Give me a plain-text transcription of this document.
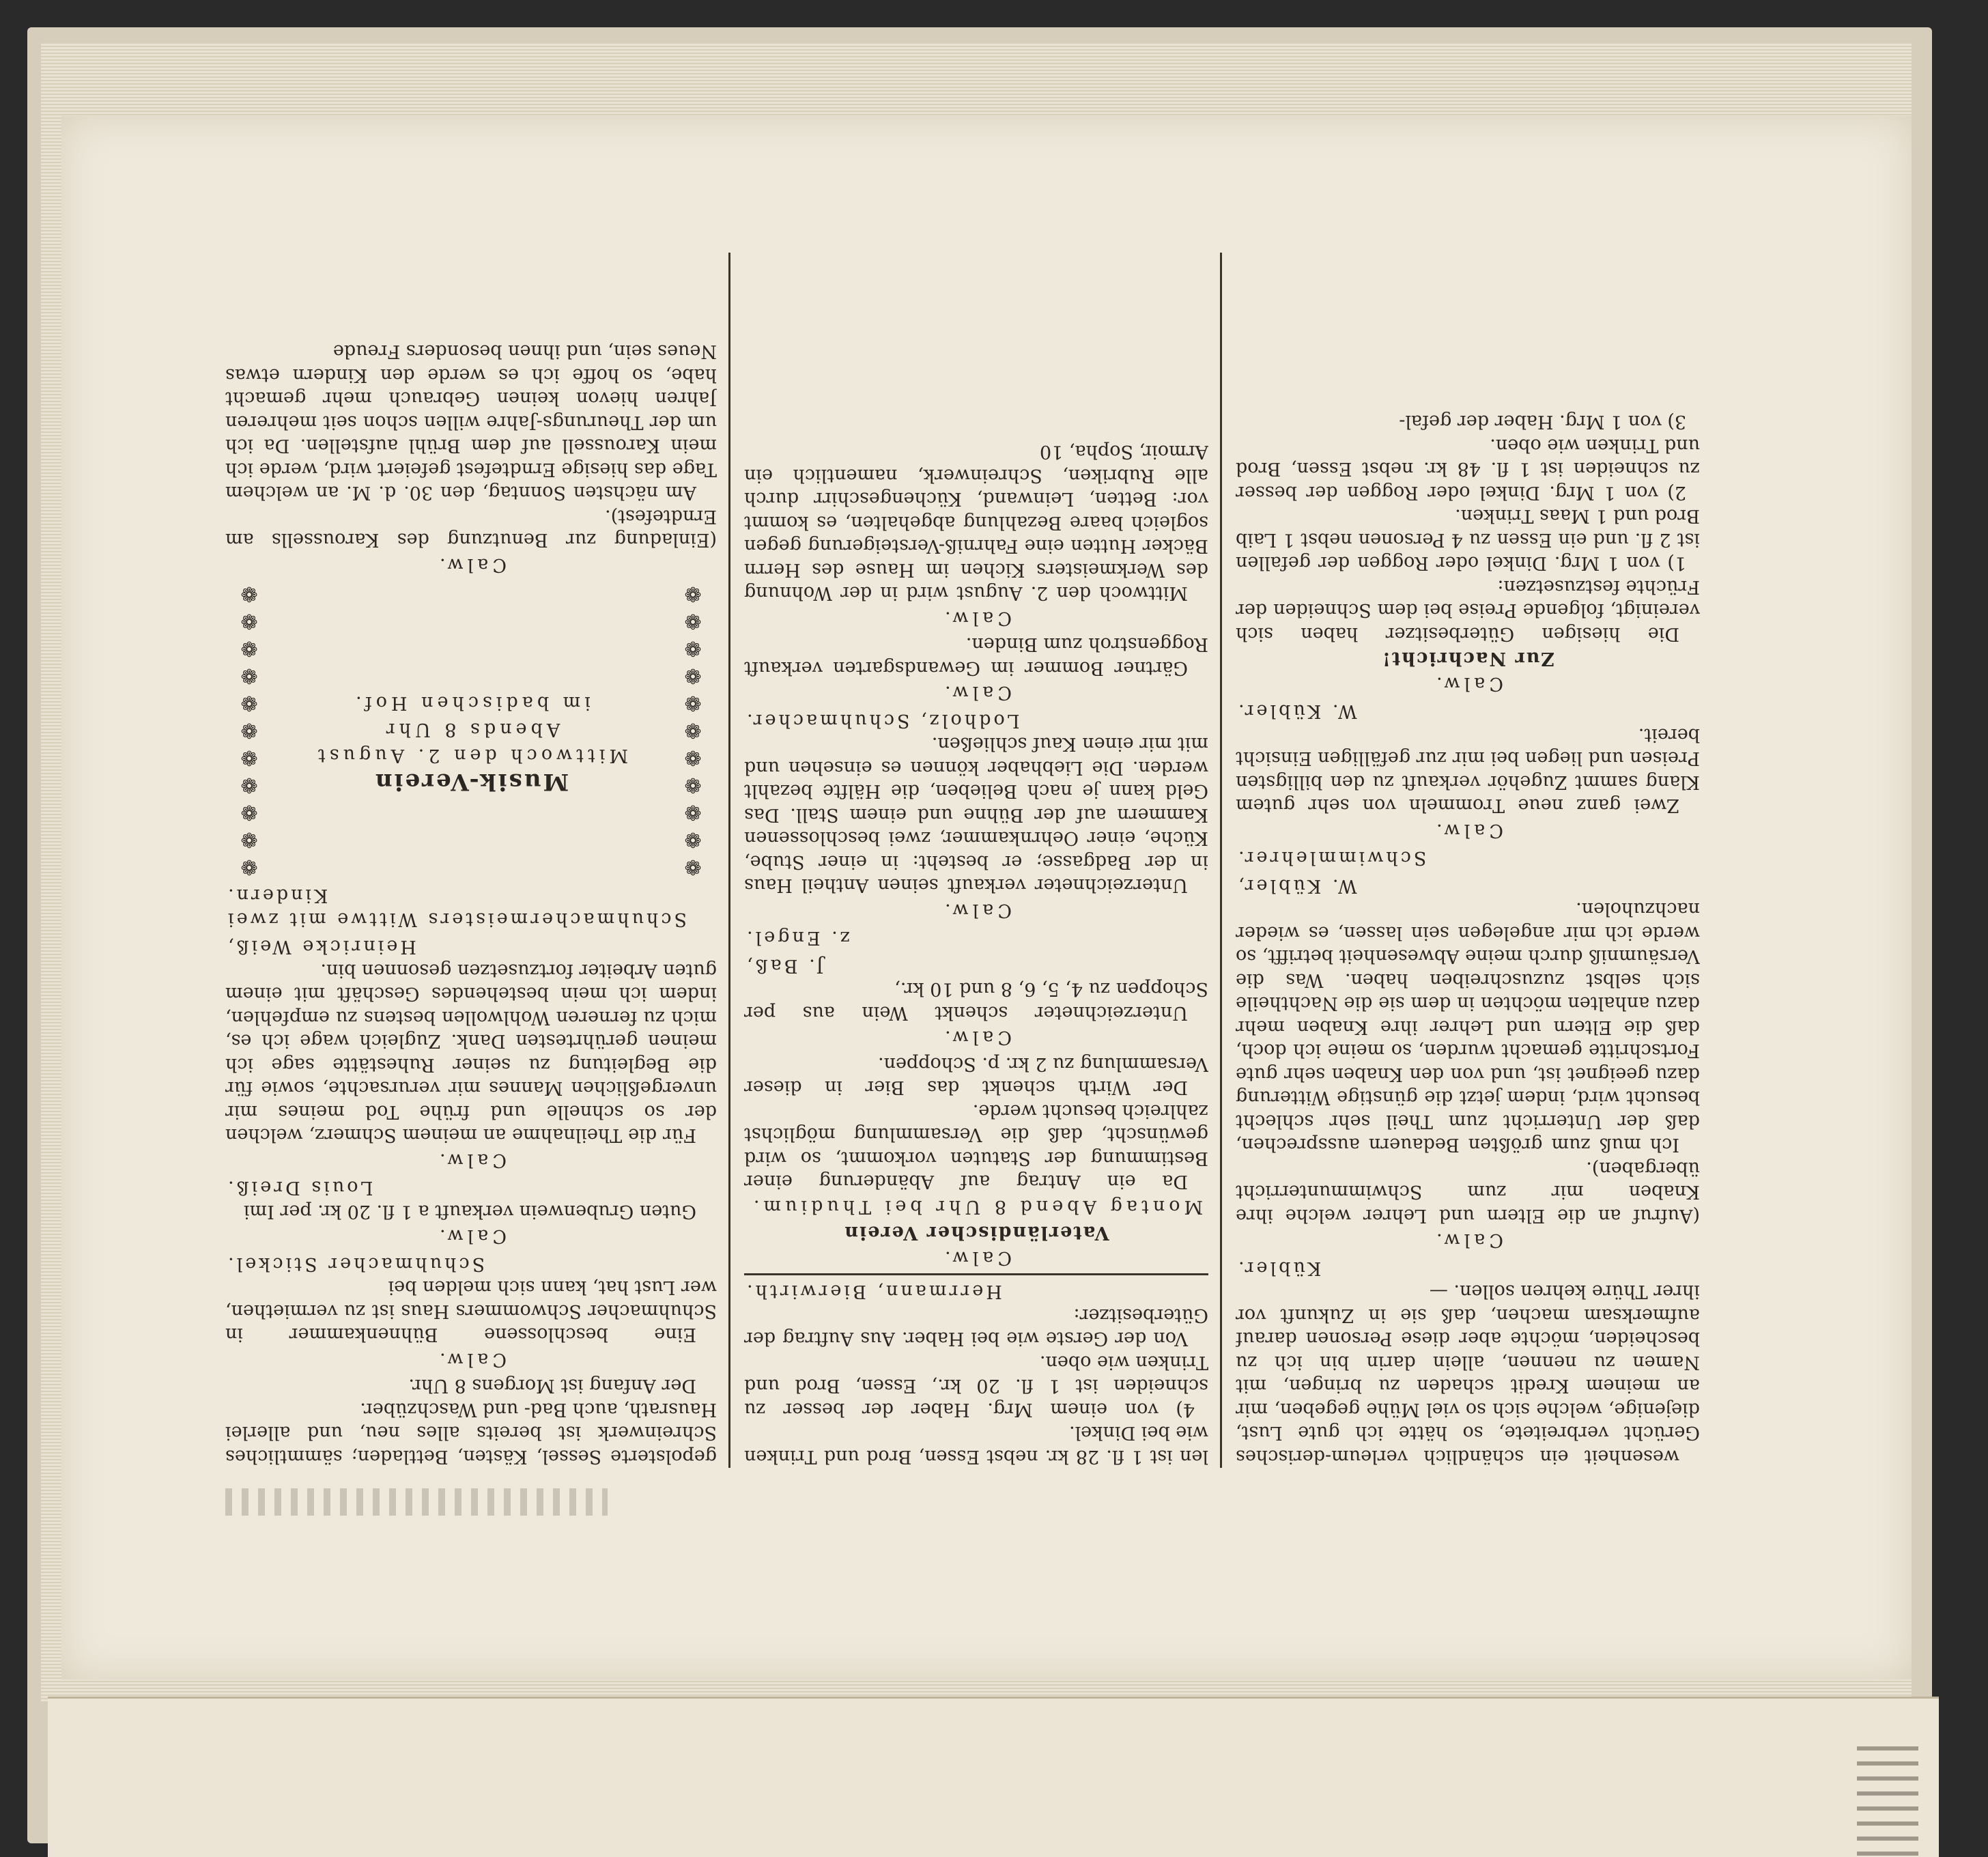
wesenheit ein schändlich verleum-derisches Gerücht verbreitete, so hätte ich gute Lust, diejenige, welche sich so viel Mühe gegeben, mir an meinem Kredit schaden zu bringen, mit Namen zu nennen, allein darin bin ich zu bescheiden, möchte aber diese Personen darauf aufmerksam machen, daß sie in Zukunft vor ihrer Thüre kehren sollen. —

Kübler.

Calw.

(Aufruf an die Eltern und Lehrer welche ihre Knaben mir zum Schwimmunterricht übergaben).

Ich muß zum größten Bedauern aussprechen, daß der Unterricht zum Theil sehr schlecht besucht wird, indem jetzt die günstige Witterung dazu geeignet ist, und von den Knaben sehr gute Fortschritte gemacht wurden, so meine ich doch, daß die Eltern und Lehrer ihre Knaben mehr dazu anhalten möchten in dem sie die Nachtheile sich selbst zuzuschreiben haben. Was die Versäumniß durch meine Abwesenheit betrifft, so werde ich mir angelegen sein lassen, es wieder nachzuholen.

W. Kübler,

Schwimmlehrer.

Calw.

Zwei ganz neue Trommeln von sehr gutem Klang sammt Zugehör verkauft zu den billigsten Preisen und liegen bei mir zur gefälligen Einsicht bereit.

W. Kübler.

Calw.

Zur Nachricht!

Die hiesigen Güterbesitzer haben sich vereinigt, folgende Preise bei dem Schneiden der Früchte festzusetzen:

1) von 1 Mrg. Dinkel oder Roggen der gefallen ist 2 fl. und ein Essen zu 4 Personen nebst 1 Laib Brod und 1 Maas Trinken.

2) von 1 Mrg. Dinkel oder Roggen der besser zu schneiden ist 1 fl. 48 kr. nebst Essen, Brod und Trinken wie oben.

3) von 1 Mrg. Haber der gefal-

len ist 1 fl. 28 kr. nebst Essen, Brod und Trinken wie bei Dinkel.

4) von einem Mrg. Haber der besser zu schneiden ist 1 fl. 20 kr., Essen, Brod und Trinken wie oben.

Von der Gerste wie bei Haber. Aus Auftrag der Güterbesitzer:

Herrmann, Bierwirth.

Calw.

Vaterländischer Verein

Montag Abend 8 Uhr bei Thudium.

Da ein Antrag auf Abänderung einer Bestimmung der Statuten vorkommt, so wird gewünscht, daß die Versammlung möglichst zahlreich besucht werde.

Der Wirth schenkt das Bier in dieser Versammlung zu 2 kr. p. Schoppen.

Calw.

Unterzeichneter schenkt Wein aus per Schoppen zu 4, 5, 6, 8 und 10 kr.,

J. Baß,

z. Engel.

Calw.

Unterzeichneter verkauft seinen Antheil Haus in der Badgasse; er besteht: in einer Stube, Küche, einer Oehrnkammer, zwei beschlossenen Kammern auf der Bühne und einem Stall. Das Geld kann je nach Belieben, die Hälfte bezahlt werden. Die Liebhaber können es einsehen und mit mir einen Kauf schließen.

Lodholz, Schuhmacher.

Calw.

Gärtner Bommer im Gewandsgarten verkauft Roggenstroh zum Binden.

Calw.

Mittwoch den 2. August wird in der Wohnung des Werkmeisters Kichen im Hause des Herrn Bäcker Hutten eine Fahrniß-Versteigerung gegen sogleich baare Bezahlung abgehalten, es kommt vor: Betten, Leinwand, Küchengeschirr durch alle Rubriken, Schreinwerk, namentlich ein Armoir, Sopha, 10

gepolsterte Sessel, Kästen, Bettladen; sämmtliches Schreinwerk ist bereits alles neu, und allerlei Hausrath, auch Bad- und Waschzüber.

Der Anfang ist Morgens 8 Uhr.

Calw.

Eine beschlossene Bühnenkammer in Schuhmacher Schwommers Haus ist zu vermiethen, wer Lust hat, kann sich melden bei

Schuhmacher Stickel.

Calw.

Guten Grubenwein verkauft a 1 fl. 20 kr. per Imi

Louis Dreiß.

Calw.

Für die Theilnahme an meinem Schmerz, welchen der so schnelle und frühe Tod meines mir unvergeßlichen Mannes mir verursachte, sowie für die Begleitung zu seiner Ruhestätte sage ich meinen gerührtesten Dank. Zugleich wage ich es, mich zu ferneren Wohlwollen bestens zu empfehlen, indem ich mein bestehendes Geschäft mit einem guten Arbeiter fortzusetzen gesonnen bin.

Heinricke Weiß,

Schuhmachermeisters Wittwe mit zwei Kindern.

❁
❁
❁
❁
❁
❁
❁
❁
❁
❁
❁

Musik-Verein

Mittwoch den 2. August

Abends 8 Uhr

im badischen Hof.

❁
❁
❁
❁
❁
❁
❁
❁
❁
❁
❁

Calw.

(Einladung zur Benutzung des Karoussells am Erndtefest).

Am nächsten Sonntag, den 30. d. M. an welchem Tage das hiesige Erndtefest gefeiert wird, werde ich mein Karoussell auf dem Brühl aufstellen. Da ich um der Theurungs-Jahre willen schon seit mehreren Jahren hievon keinen Gebrauch mehr gemacht habe, so hoffe ich es werde den Kindern etwas Neues sein, und ihnen besonders Freude
